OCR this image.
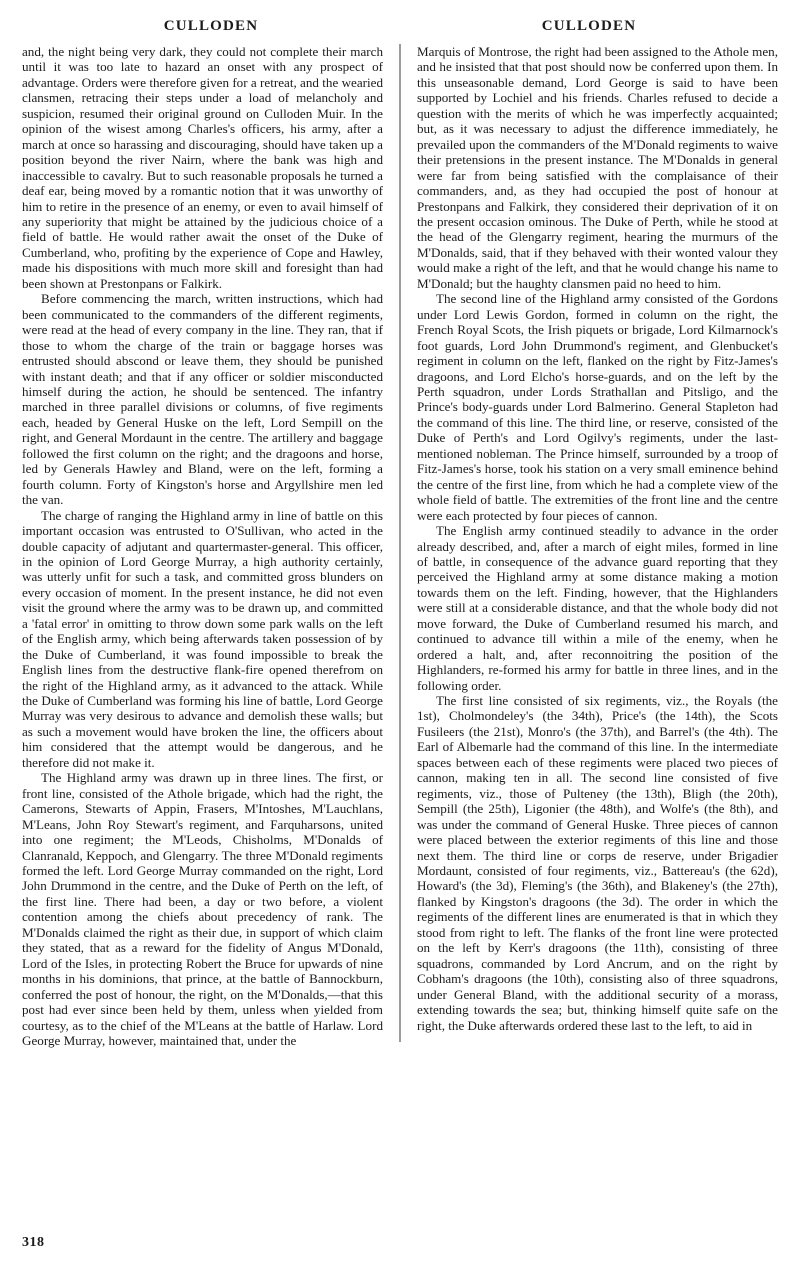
CULLODEN	CULLODEN

and, the night being very dark, they could not complete their march until it was too late to hazard an onset with any prospect of advantage. Orders were therefore given for a retreat, and the wearied clansmen, retracing their steps under a load of melancholy and suspicion, resumed their original ground on Culloden Muir. In the opinion of the wisest among Charles's officers, his army, after a march at once so harassing and discouraging, should have taken up a position beyond the river Nairn, where the bank was high and inaccessible to cavalry. But to such reasonable proposals he turned a deaf ear, being moved by a romantic notion that it was unworthy of him to retire in the presence of an enemy, or even to avail himself of any superiority that might be attained by the judicious choice of a field of battle. He would rather await the onset of the Duke of Cumberland, who, profiting by the experience of Cope and Hawley, made his dispositions with much more skill and foresight than had been shown at Prestonpans or Falkirk.

Before commencing the march, written instructions, which had been communicated to the commanders of the different regiments, were read at the head of every company in the line. They ran, that if those to whom the charge of the train or baggage horses was entrusted should abscond or leave them, they should be punished with instant death; and that if any officer or soldier misconducted himself during the action, he should be sentenced. The infantry marched in three parallel divisions or columns, of five regiments each, headed by General Huske on the left, Lord Sempill on the right, and General Mordaunt in the centre. The artillery and baggage followed the first column on the right; and the dragoons and horse, led by Generals Hawley and Bland, were on the left, forming a fourth column. Forty of Kingston's horse and Argyllshire men led the van.

The charge of ranging the Highland army in line of battle on this important occasion was entrusted to O'Sullivan, who acted in the double capacity of adjutant and quartermaster-general. This officer, in the opinion of Lord George Murray, a high authority certainly, was utterly unfit for such a task, and committed gross blunders on every occasion of moment. In the present instance, he did not even visit the ground where the army was to be drawn up, and committed a 'fatal error' in omitting to throw down some park walls on the left of the English army, which being afterwards taken possession of by the Duke of Cumberland, it was found impossible to break the English lines from the destructive flank-fire opened therefrom on the right of the Highland army, as it advanced to the attack. While the Duke of Cumberland was forming his line of battle, Lord George Murray was very desirous to advance and demolish these walls; but as such a movement would have broken the line, the officers about him considered that the attempt would be dangerous, and he therefore did not make it.

The Highland army was drawn up in three lines. The first, or front line, consisted of the Athole brigade, which had the right, the Camerons, Stewarts of Appin, Frasers, M'Intoshes, M'Lauchlans, M'Leans, John Roy Stewart's regiment, and Farquharsons, united into one regiment; the M'Leods, Chisholms, M'Donalds of Clanranald, Keppoch, and Glengarry. The three M'Donald regiments formed the left. Lord George Murray commanded on the right, Lord John Drummond in the centre, and the Duke of Perth on the left, of the first line. There had been, a day or two before, a violent contention among the chiefs about precedency of rank. The M'Donalds claimed the right as their due, in support of which claim they stated, that as a reward for the fidelity of Angus M'Donald, Lord of the Isles, in protecting Robert the Bruce for upwards of nine months in his dominions, that prince, at the battle of Bannockburn, conferred the post of honour, the right, on the M'Donalds,—that this post had ever since been held by them, unless when yielded from courtesy, as to the chief of the M'Leans at the battle of Harlaw. Lord George Murray, however, maintained that, under the

Marquis of Montrose, the right had been assigned to the Athole men, and he insisted that that post should now be conferred upon them. In this unseasonable demand, Lord George is said to have been supported by Lochiel and his friends. Charles refused to decide a question with the merits of which he was imperfectly acquainted; but, as it was necessary to adjust the difference immediately, he prevailed upon the commanders of the M'Donald regiments to waive their pretensions in the present instance. The M'Donalds in general were far from being satisfied with the complaisance of their commanders, and, as they had occupied the post of honour at Prestonpans and Falkirk, they considered their deprivation of it on the present occasion ominous. The Duke of Perth, while he stood at the head of the Glengarry regiment, hearing the murmurs of the M'Donalds, said, that if they behaved with their wonted valour they would make a right of the left, and that he would change his name to M'Donald; but the haughty clansmen paid no heed to him.

The second line of the Highland army consisted of the Gordons under Lord Lewis Gordon, formed in column on the right, the French Royal Scots, the Irish piquets or brigade, Lord Kilmarnock's foot guards, Lord John Drummond's regiment, and Glenbucket's regiment in column on the left, flanked on the right by Fitz-James's dragoons, and Lord Elcho's horse-guards, and on the left by the Perth squadron, under Lords Strathallan and Pitsligo, and the Prince's body-guards under Lord Balmerino. General Stapleton had the command of this line. The third line, or reserve, consisted of the Duke of Perth's and Lord Ogilvy's regiments, under the last-mentioned nobleman. The Prince himself, surrounded by a troop of Fitz-James's horse, took his station on a very small eminence behind the centre of the first line, from which he had a complete view of the whole field of battle. The extremities of the front line and the centre were each protected by four pieces of cannon.

The English army continued steadily to advance in the order already described, and, after a march of eight miles, formed in line of battle, in consequence of the advance guard reporting that they perceived the Highland army at some distance making a motion towards them on the left. Finding, however, that the Highlanders were still at a considerable distance, and that the whole body did not move forward, the Duke of Cumberland resumed his march, and continued to advance till within a mile of the enemy, when he ordered a halt, and, after reconnoitring the position of the Highlanders, re-formed his army for battle in three lines, and in the following order.

The first line consisted of six regiments, viz., the Royals (the 1st), Cholmondeley's (the 34th), Price's (the 14th), the Scots Fusileers (the 21st), Monro's (the 37th), and Barrel's (the 4th). The Earl of Albemarle had the command of this line. In the intermediate spaces between each of these regiments were placed two pieces of cannon, making ten in all. The second line consisted of five regiments, viz., those of Pulteney (the 13th), Bligh (the 20th), Sempill (the 25th), Ligonier (the 48th), and Wolfe's (the 8th), and was under the command of General Huske. Three pieces of cannon were placed between the exterior regiments of this line and those next them. The third line or corps de reserve, under Brigadier Mordaunt, consisted of four regiments, viz., Battereau's (the 62d), Howard's (the 3d), Fleming's (the 36th), and Blakeney's (the 27th), flanked by Kingston's dragoons (the 3d). The order in which the regiments of the different lines are enumerated is that in which they stood from right to left. The flanks of the front line were protected on the left by Kerr's dragoons (the 11th), consisting of three squadrons, commanded by Lord Ancrum, and on the right by Cobham's dragoons (the 10th), consisting also of three squadrons, under General Bland, with the additional security of a morass, extending towards the sea; but, thinking himself quite safe on the right, the Duke afterwards ordered these last to the left, to aid in

318
